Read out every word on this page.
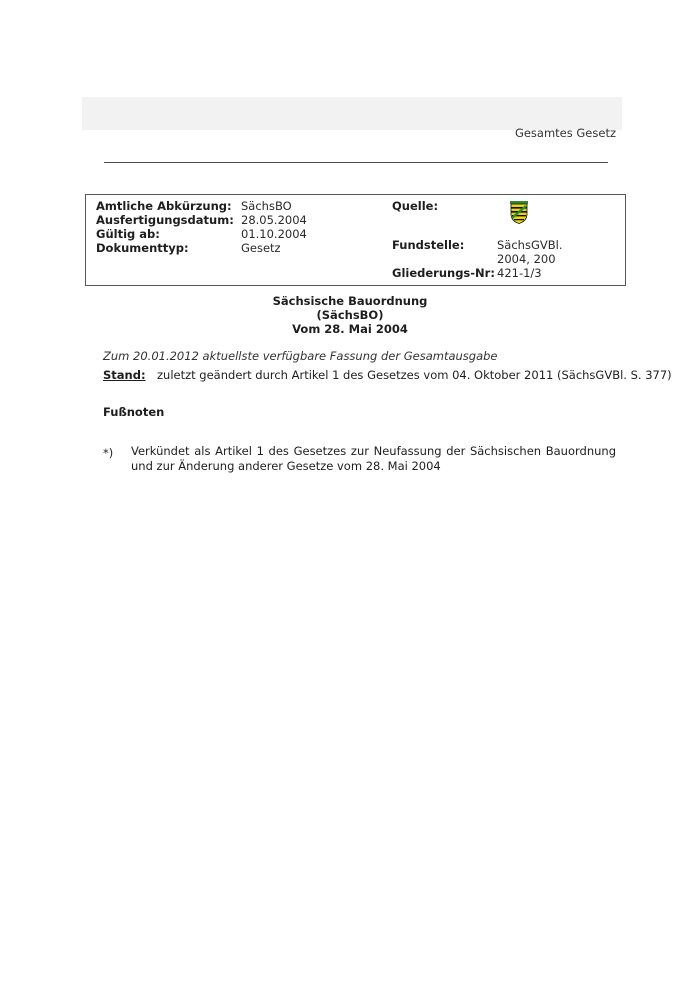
Gesamtes Gesetz
Amtliche Abkürzung: SächsBO
Ausfertigungsdatum: 28.05.2004
Gültig ab:	01.10.2004
Dokumenttyp:	Gesetz
Quelle:
Fundstelle:	SächsGVBl.
2004, 200
Gliederungs-Nr: 421-1/3
Sächsische Bauordnung
(SächsBO)
Vom 28. Mai 2004
Zum 20.01.2012 aktuellste verfügbare Fassung der Gesamtausgabe
Stand: zuletzt geändert durch Artikel 1 des Gesetzes vom 04. Oktober 2011 (SächsGVBl. S. 377)
Fußnoten
*) Verkündet als Artikel 1 des Gesetzes zur Neufassung der Sächsischen Bauordnung und zur Änderung anderer Gesetze vom 28. Mai 2004
